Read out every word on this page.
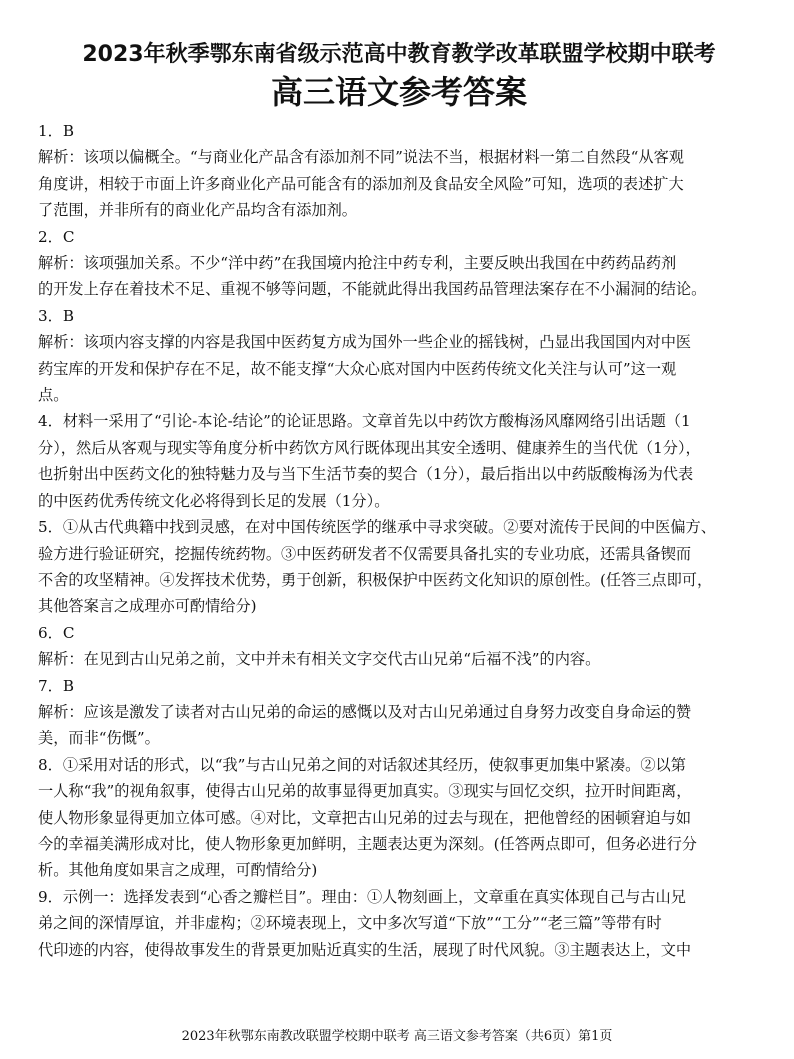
2023年秋季鄂东南省级示范高中教育教学改革联盟学校期中联考
高三语文参考答案

1．B

解析：该项以偏概全。“与商业化产品含有添加剂不同”说法不当，根据材料一第二自然段“从客观

角度讲，相较于市面上许多商业化产品可能含有的添加剂及食品安全风险”可知，选项的表述扩大

了范围，并非所有的商业化产品均含有添加剂。

2．C

解析：该项强加关系。不少“洋中药”在我国境内抢注中药专利，主要反映出我国在中药药品药剂

的开发上存在着技术不足、重视不够等问题，不能就此得出我国药品管理法案存在不小漏洞的结论。

3．B

解析：该项内容支撑的内容是我国中医药复方成为国外一些企业的摇钱树，凸显出我国国内对中医

药宝库的开发和保护存在不足，故不能支撑“大众心底对国内中医药传统文化关注与认可”这一观

点。

4．材料一采用了“引论-本论-结论”的论证思路。文章首先以中药饮方酸梅汤风靡网络引出话题（1

分），然后从客观与现实等角度分析中药饮方风行既体现出其安全透明、健康养生的当代优（1分），

也折射出中医药文化的独特魅力及与当下生活节奏的契合（1分），最后指出以中药版酸梅汤为代表

的中医药优秀传统文化必将得到长足的发展（1分）。

5．①从古代典籍中找到灵感，在对中国传统医学的继承中寻求突破。②要对流传于民间的中医偏方、

验方进行验证研究，挖掘传统药物。③中医药研发者不仅需要具备扎实的专业功底，还需具备锲而

不舍的攻坚精神。④发挥技术优势，勇于创新，积极保护中医药文化知识的原创性。(任答三点即可，

其他答案言之成理亦可酌情给分)

6．C

解析：在见到古山兄弟之前，文中并未有相关文字交代古山兄弟“后福不浅”的内容。

7．B

解析：应该是激发了读者对古山兄弟的命运的感慨以及对古山兄弟通过自身努力改变自身命运的赞

美，而非“伤慨”。

8．①采用对话的形式，以“我”与古山兄弟之间的对话叙述其经历，使叙事更加集中紧凑。②以第

一人称“我”的视角叙事，使得古山兄弟的故事显得更加真实。③现实与回忆交织，拉开时间距离，

使人物形象显得更加立体可感。④对比，文章把古山兄弟的过去与现在，把他曾经的困顿窘迫与如

今的幸福美满形成对比，使人物形象更加鲜明，主题表达更为深刻。(任答两点即可，但务必进行分

析。其他角度如果言之成理，可酌情给分)

9．示例一：选择发表到“心香之瓣栏目”。理由：①人物刻画上，文章重在真实体现自己与古山兄

弟之间的深情厚谊，并非虚构；②环境表现上，文中多次写道“下放”“工分”“老三篇”等带有时

代印迹的内容，使得故事发生的背景更加贴近真实的生活，展现了时代风貌。③主题表达上，文中

2023年秋鄂东南教改联盟学校期中联考 高三语文参考答案（共6页）第1页
